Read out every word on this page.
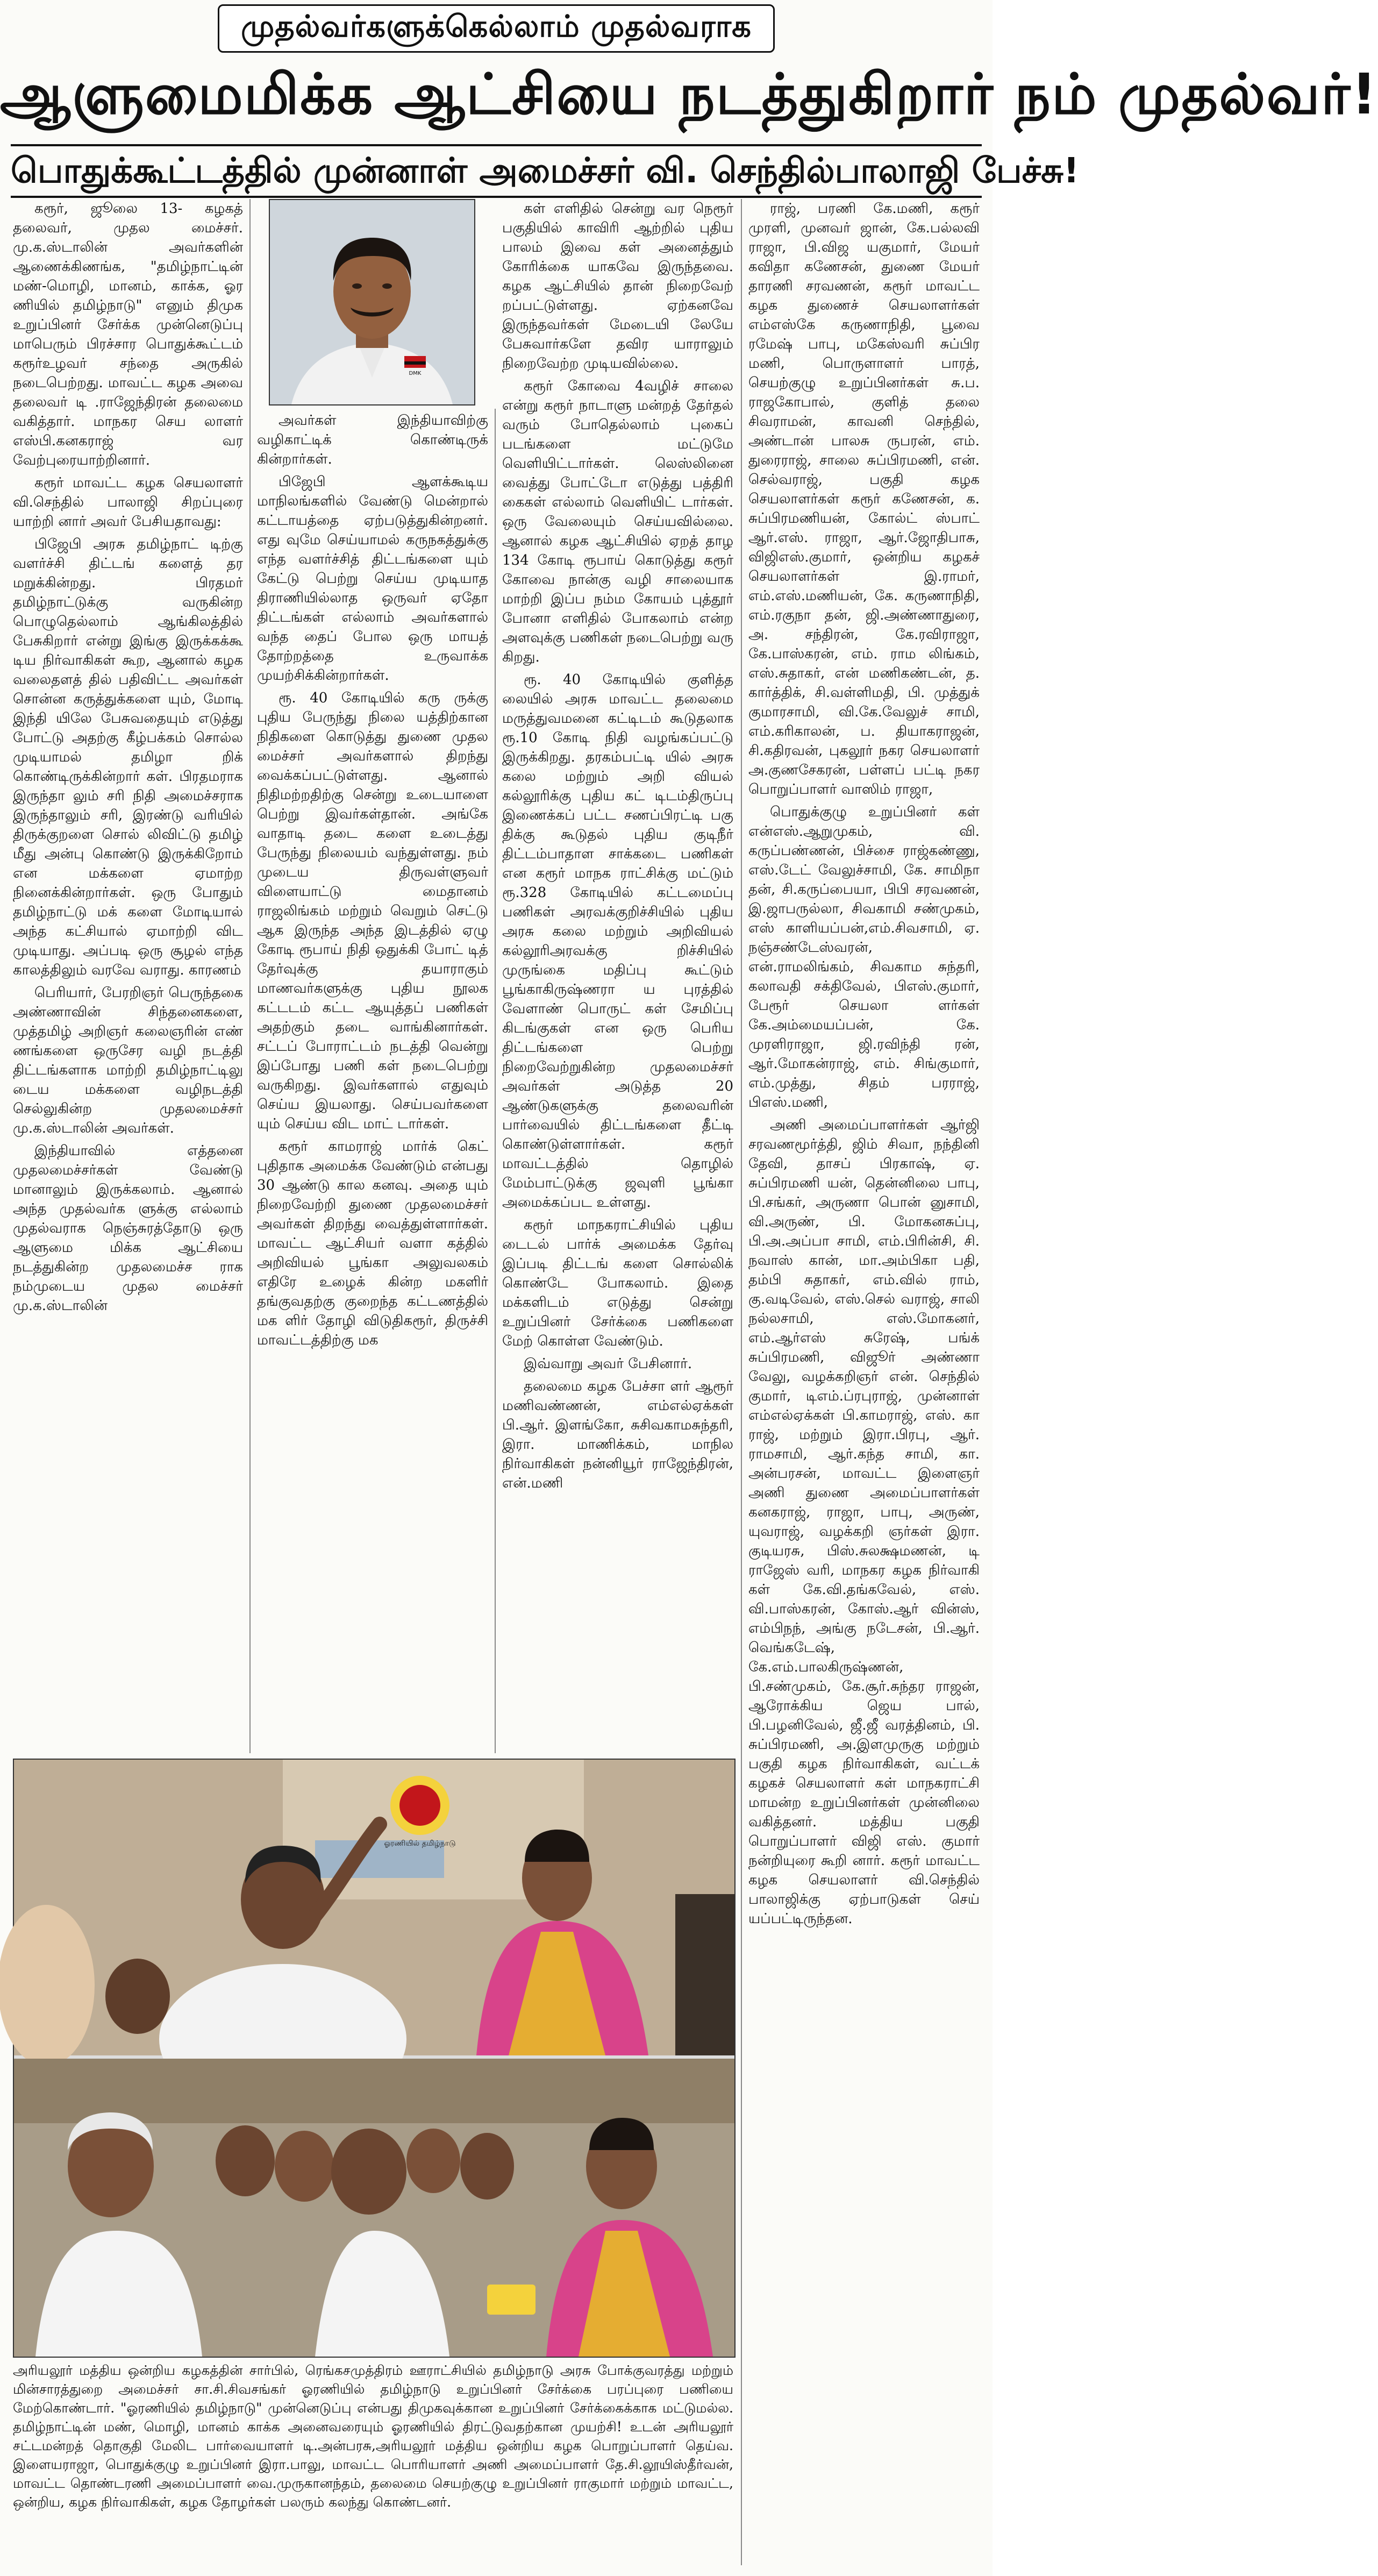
முதல்வர்களுக்கெல்லாம் முதல்வராக
ஆளுமைமிக்க ஆட்சியை நடத்துகிறார் நம் முதல்வர்!
பொதுக்கூட்டத்தில் முன்னாள் அமைச்சர் வி. செந்தில்பாலாஜி பேச்சு!

கரூர், ஜூலை 13- கழகத் தலைவர், முதல மைச்சர். மு.க.ஸ்டாலின் அவர்களின் ஆணைக்கிணங்க, "தமிழ்நாட்டின் மண்-மொழி, மானம், காக்க, ஓர ணியில் தமிழ்நாடு" எனும் திமுக உறுப்பினர் சேர்க்க முன்னெடுப்பு மாபெரும் பிரச்சார பொதுக்கூட்டம் கரூர்உழவர் சந்தை அருகில் நடைபெற்றது. மாவட்ட கழக அவை தலைவர் டி .ராஜேந்திரன் தலைமை வகித்தார். மாநகர செய லாளர் எஸ்பி.கனகராஜ் வர வேற்புரையாற்றினார்.

கரூர் மாவட்ட கழக செயலாளர் வி.செந்தில் பாலாஜி சிறப்புரை யாற்றி னார் அவர் பேசியதாவது:

பிஜேபி அரசு தமிழ்நாட் டிற்கு வளர்ச்சி திட்டங் களைத் தர மறுக்கின்றது. பிரதமர் தமிழ்நாட்டுக்கு வருகின்ற பொழுதெல்லாம் ஆங்கிலத்தில் பேசுகிறார் என்று இங்கு இருக்கக்கூ டிய நிர்வாகிகள் கூற, ஆனால் கழக வலைதளத் தில் பதிவிட்ட அவர்கள் சொன்ன கருத்துக்களை யும், மோடி இந்தி யிலே பேசுவதையும் எடுத்து போட்டு அதற்கு கீழ்பக்கம் சொல்ல முடியாமல் தமிழா றிக் கொண்டிருக்கின்றார் கள். பிரதமராக இருந்தா லும் சரி நிதி அமைச்சராக இருந்தாலும் சரி, இரண்டு வரியில் திருக்குறளை சொல் லிவிட்டு தமிழ் மீது அன்பு கொண்டு இருக்கிறோம் என மக்களை ஏமாற்ற நினைக்கின்றார்கள். ஒரு போதும் தமிழ்நாட்டு மக் களை மோடியால் அந்த கட்சியால் ஏமாற்றி விட முடியாது. அப்படி ஒரு சூழல் எந்த காலத்திலும் வரவே வராது. காரணம்

பெரியார், பேரறிஞர் பெருந்தகை அண்ணாவின் சிந்தனைகளை, முத்தமிழ் அறிஞர் கலைஞரின் எண் ணங்களை ஒருசேர வழி நடத்தி திட்டங்களாக மாற்றி தமிழ்நாட்டிலு டைய மக்களை வழிநடத்தி செல்லுகின்ற முதலமைச்சர் மு.க.ஸ்டாலின் அவர்கள்.

இந்தியாவில் எத்தனை முதலமைச்சர்கள் வேண்டு மானாலும் இருக்கலாம். ஆனால் அந்த முதல்வர்க ளுக்கு எல்லாம் முதல்வராக நெஞ்சுரத்தோடு ஒரு ஆளுமை மிக்க ஆட்சியை நடத்துகின்ற முதலமைச்ச ராக நம்முடைய முதல மைச்சர் மு.க.ஸ்டாலின்

DMK

அவர்கள் இந்தியாவிற்கு வழிகாட்டிக் கொண்டிருக் கின்றார்கள்.

பிஜேபி ஆளக்கூடிய மாநிலங்களில் வேண்டு மென்றால் கட்டாயத்தை ஏற்படுத்துகின்றனர். எது வுமே செய்யாமல் கருநகத்துக்கு எந்த வளர்ச்சித் திட்டங்களை யும் கேட்டு பெற்று செய்ய முடியாத திராணியில்லாத ஒருவர் ஏதோ திட்டங்கள் எல்லாம் அவர்களால் வந்த தைப் போல ஒரு மாயத் தோற்றத்தை உருவாக்க முயற்சிக்கின்றார்கள்.

ரூ. 40 கோடியில் கரு ருக்கு புதிய பேருந்து நிலை யத்திற்கான நிதிகளை கொடுத்து துணை முதல மைச்சர் அவர்களால் திறந்து வைக்கப்பட்டுள்ளது. ஆனால் நிதிமற்றதிற்கு சென்று உடையாளை பெற்று இவர்கள்தான். அங்கே வாதாடி தடை களை உடைத்து பேருந்து நிலையம் வந்துள்ளது. நம் முடைய திருவள்ளுவர் விளையாட்டு மைதானம் ராஜலிங்கம் மற்றும் வெறும் செட்டு ஆக இருந்த அந்த இடத்தில் ஏழு கோடி ரூபாய் நிதி ஒதுக்கி போட் டித் தேர்வுக்கு தயாராகும் மாணவர்களுக்கு புதிய நூலக கட்டடம் கட்ட ஆயுத்தப் பணிகள் அதற்கும் தடை வாங்கினார்கள். சட்டப் போராட்டம் நடத்தி வென்று இப்போது பணி கள் நடைபெற்று வருகிறது. இவர்களால் எதுவும் செய்ய இயலாது. செய்பவர்களை யும் செய்ய விட மாட் டார்கள்.

கரூர் காமராஜ் மார்க் கெட் புதிதாக அமைக்க வேண்டும் என்பது 30 ஆண்டு கால கனவு. அதை யும் நிறைவேற்றி துணை முதலமைச்சர் அவர்கள் திறந்து வைத்துள்ளார்கள். மாவட்ட ஆட்சியர் வளா கத்தில் அறிவியல் பூங்கா அலுவலகம் எதிரே உழைக் கின்ற மகளிர் தங்குவதற்கு குறைந்த கட்டணத்தில் மக ளிர் தோழி விடுதிகரூர், திருச்சி மாவட்டத்திற்கு மக

கள் எளிதில் சென்று வர நெரூர் பகுதியில் காவிரி ஆற்றில் புதிய பாலம் இவை கள் அனைத்தும் கோரிக்கை யாகவே இருந்தவை. கழக ஆட்சியில் தான் நிறைவேற் றப்பட்டுள்ளது. ஏற்கனவே இருந்தவர்கள் மேடையி லேயே பேசுவார்களே தவிர யாராலும் நிறைவேற்ற முடியவில்லை.

கரூர் கோவை 4வழிச் சாலை என்று கரூர் நாடாளு மன்றத் தேர்தல் வரும் போதெல்லாம் புகைப் படங்களை மட்டுமே வெளியிட்டார்கள். லெஸ்லினை வைத்து போட்டோ எடுத்து பத்திரி கைகள் எல்லாம் வெளியிட் டார்கள். ஒரு வேலையும் செய்யவில்லை. ஆனால் கழக ஆட்சியில் ஏறத் தாழ 134 கோடி ரூபாய் கொடுத்து கரூர் கோவை நான்கு வழி சாலையாக மாற்றி இப்ப நம்ம கோயம் புத்தூர் போனா எளிதில் போகலாம் என்ற அளவுக்கு பணிகள் நடைபெற்று வரு கிறது.

ரூ. 40 கோடியில் குளித்த லையில் அரசு மாவட்ட தலைமை மருத்துவமனை கட்டிடம் கூடுதலாக ரூ.10 கோடி நிதி வழங்கப்பட்டு இருக்கிறது. தரகம்பட்டி யில் அரசு கலை மற்றும் அறி வியல் கல்லூரிக்கு புதிய கட் டிடம்திருப்பு இணைக்கப் பட்ட சணப்பிரட்டி பகு திக்கு கூடுதல் புதிய குடிநீர் திட்டம்பாதாள சாக்கடை பணிகள் என கரூர் மாநக ராட்சிக்கு மட்டும் ரூ.328 கோடியில் கட்டமைப்பு பணிகள் அரவக்குறிச்சியில் புதிய அரசு கலை மற்றும் அறிவியல் கல்லூரிஅரவக்கு றிச்சியில் முருங்கை மதிப்பு கூட்டும் பூங்காகிருஷ்ணரா ய புரத்தில் வேளாண் பொருட் கள் சேமிப்பு கிடங்குகள் என ஒரு பெரிய திட்டங்களை பெற்று நிறைவேற்றுகின்ற முதலமைச்சர் அவர்கள் அடுத்த 20 ஆண்டுகளுக்கு தலைவரின் பார்வையில் திட்டங்களை தீட்டி கொண்டுள்ளார்கள். கரூர் மாவட்டத்தில் தொழில் மேம்பாட்டுக்கு ஜவுளி பூங்கா அமைக்கப்பட உள்ளது.

கரூர் மாநகராட்சியில் புதிய டைடல் பார்க் அமைக்க தேர்வு இப்படி திட்டங் களை சொல்லிக் கொண்டே போகலாம். இதை மக்களிடம் எடுத்து சென்று உறுப்பினர் சேர்க்கை பணிகளை மேற் கொள்ள வேண்டும்.

இவ்வாறு அவர் பேசினார்.

தலைமை கழக பேச்சா ளர் ஆரூர் மணிவண்ணன், எம்எல்ஏக்கள் பி.ஆர். இளங்கோ, சுசிவகாமசுந்தரி, இரா. மாணிக்கம், மாநில நிர்வாகிகள் நன்னியூர் ராஜேந்திரன், என்.மணி

ராஜ், பரணி கே.மணி, கரூர் முரளி, முனவர் ஜான், கே.பல்லவி ராஜா, பி.விஜ யகுமார், மேயர் கவிதா கணேசன், துணை மேயர் தாரணி சரவணன், கரூர் மாவட்ட கழக துணைச் செயலாளர்கள் எம்எஸ்கே கருணாநிதி, பூவை ரமேஷ் பாபு, மகேஸ்வரி சுப்பிர மணி, பொருளாளர் பாரத், செயற்குழு உறுப்பினர்கள் சு.ப. ராஜகோபால், குளித் தலை சிவராமன், காவனி செந்தில், அண்டான் பாலசு ருபரன், எம். துரைராஜ், சாலை சுப்பிரமணி, என். செல்வராஜ், பகுதி கழக செயலாளர்கள் கரூர் கணேசன், க. சுப்பிரமணியன், கோல்ட் ஸ்பாட் ஆர்.எஸ். ராஜா, ஆர்.ஜோதிபாசு, விஜிஎஸ்.குமார், ஒன்றிய கழகச் செயலாளர்கள் இ.ராமர், எம்.எஸ்.மணியன், கே. கருணாநிதி, எம்.ரகுநா தன், ஜி.அண்ணாதுரை, அ. சந்திரன், கே.ரவிராஜா, கே.பாஸ்கரன், எம். ராம லிங்கம், எஸ்.சுதாகர், என் மணிகண்டன், த. கார்த்திக், சி.வள்ளிமதி, பி. முத்துக் குமாரசாமி, வி.கே.வேலுச் சாமி, எம்.கரிகாலன், ப. தியாகராஜன், சி.கதிரவன், புகலூர் நகர செயலாளர் அ.குணசேகரன், பள்ளப் பட்டி நகர பொறுப்பாளர் வாஸிம் ராஜா,

பொதுக்குழு உறுப்பினர் கள் என்எஸ்.ஆறுமுகம், வி. கருப்பண்ணன், பிச்சை ராஜ்கண்ணு, எஸ்.டேட் வேலுச்சாமி, கே. சாமிநா தன், சி.கருப்பையா, பிபி சரவணன், இ.ஜாபருல்லா, சிவகாமி சண்முகம், எஸ் காளியப்பன்,எம்.சிவசாமி, ஏ. நஞ்சண்டேஸ்வரன், என்.ராமலிங்கம், சிவகாம சுந்தரி, கலாவதி சக்திவேல், பிஎஸ்.குமார், பேரூர் செயலா ளர்கள் கே.அம்மையப்பன், கே. முரளிராஜா, ஜி.ரவிந்தி ரன், ஆர்.மோகன்ராஜ், எம். சிங்குமார், எம்.முத்து, சிதம் பரராஜ், பிஎஸ்.மணி,

அணி அமைப்பாளர்கள் ஆர்ஜி சரவணமூர்த்தி, ஜிம் சிவா, நந்தினி தேவி, தாசப் பிரகாஷ், ஏ. சுப்பிரமணி யன், தென்னிலை பாபு, பி.சங்கர், அருணா பொன் னுசாமி, வி.அருண், பி. மோகனசுப்பு, பி.அ.அப்பா சாமி, எம்.பிரின்சி, சி. நவாஸ் கான், மா.அம்பிகா பதி, தம்பி சுதாகர், எம்.வில் ராம், கு.வடிவேல், எஸ்.செல் வராஜ், சாலி நல்லசாமி, எஸ்.மோகனர், எம்.ஆர்எஸ் சுரேஷ், பங்க் சுப்பிரமணி, விஜூர் அண்ணா வேலு, வழக்கறிஞர் என். செந்தில் குமார், டிஎம்.ப்ரபுராஜ், முன்னாள் எம்எல்ஏக்கள் பி.காமராஜ், எஸ். கா ராஜ், மற்றும் இரா.பிரபு, ஆர். ராமசாமி, ஆர்.கந்த சாமி, கா. அன்பரசன், மாவட்ட இளைஞர் அணி துணை அமைப்பாளர்கள் கனகராஜ், ராஜா, பாபு, அருண், யுவராஜ், வழக்கறி ஞர்கள் இரா. குடியரசு, பிஸ்.சுலக்ஷமணன், டி ராஜேஸ் வரி, மாநகர கழக நிர்வாகி கள் கே.வி.தங்கவேல், எஸ். வி.பாஸ்கரன், கோஸ்.ஆர் வின்ஸ், எம்பிநந், அங்கு நடேசன், பி.ஆர். வெங்கடேஷ், கே.எம்.பாலகிருஷ்ணன், பி.சண்முகம், கே.சூர்.சுந்தர ராஜன், ஆரோக்கிய ஜெய பால், பி.பழனிவேல், ஜீ.ஜீ வரத்தினம், பி. சுப்பிரமணி, அ.இளமுருகு மற்றும் பகுதி கழக நிர்வாகிகள், வட்டக் கழகச் செயலாளர் கள் மாநகராட்சி மாமன்ற உறுப்பினர்கள் முன்னிலை வகித்தனர். மத்திய பகுதி பொறுப்பாளர் விஜி எஸ். குமார் நன்றியுரை கூறி னார். கரூர் மாவட்ட கழக செயலாளர் வி.செந்தில் பாலாஜிக்கு ஏற்பாடுகள் செய் யப்பட்டிருந்தன.

ஓரணியில் தமிழ்நாடு
அரியலூர் மத்திய ஒன்றிய கழகத்தின் சார்பில், ரெங்கசமுத்திரம் ஊராட்சியில் தமிழ்நாடு அரசு போக்குவரத்து மற்றும் மின்சாரத்துறை அமைச்சர் சா.சி.சிவசங்கர் ஓரணியில் தமிழ்நாடு உறுப்பினர் சேர்க்கை பரப்புரை பணியை மேற்கொண்டார். "ஓரணியில் தமிழ்நாடு" முன்னெடுப்பு என்பது திமுகவுக்கான உறுப்பினர் சேர்க்கைக்காக மட்டுமல்ல. தமிழ்நாட்டின் மண், மொழி, மானம் காக்க அனைவரையும் ஓரணியில் திரட்டுவதற்கான முயற்சி! உடன் அரியலூர் சட்டமன்றத் தொகுதி மேலிட பார்வையாளர் டி.அன்பரசு,அரியலூர் மத்திய ஒன்றிய கழக பொறுப்பாளர் தெய்வ. இளையராஜா, பொதுக்குழு உறுப்பினர் இரா.பாலு, மாவட்ட பொரியாளர் அணி அமைப்பாளர் தே.சி.லூயிஸ்தீர்வன், மாவட்ட தொண்டரணி அமைப்பாளர் வை.முருகானந்தம், தலைமை செயற்குழு உறுப்பினர் ராகுமார் மற்றும் மாவட்ட, ஒன்றிய, கழக நிர்வாகிகள், கழக தோழர்கள் பலரும் கலந்து கொண்டனர்.
